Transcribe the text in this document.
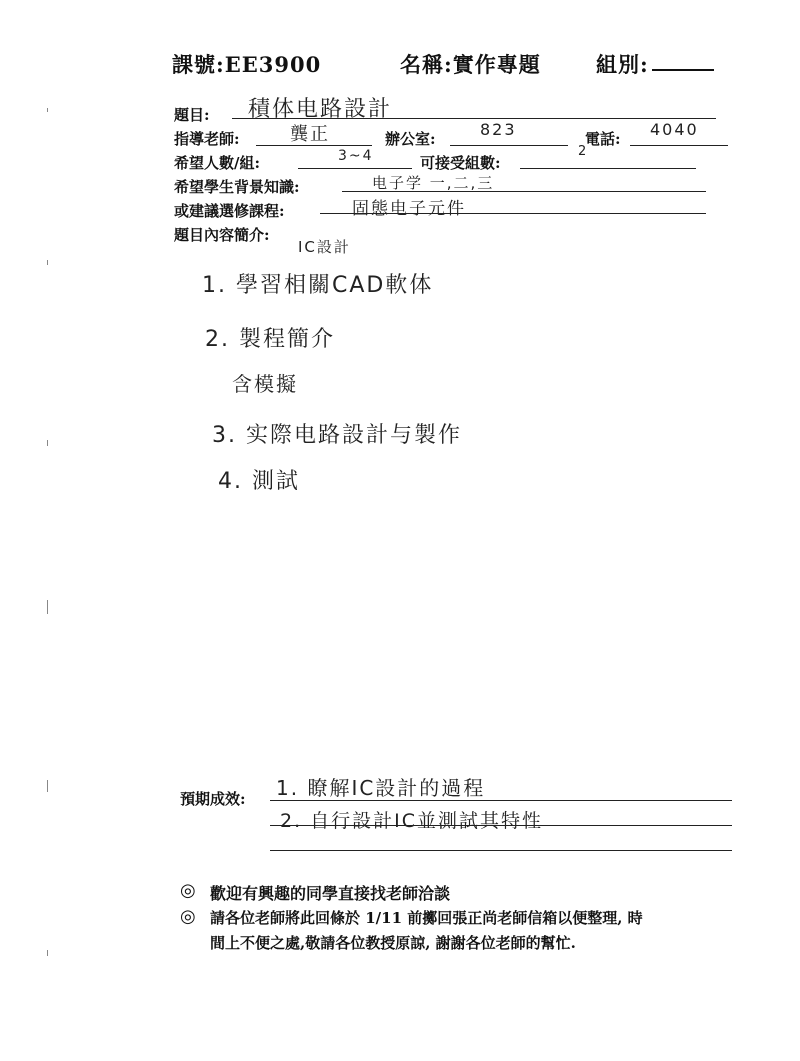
課號:EE3900	名稱:實作專題	組別:
題目: 積体电路設計
指導老師:	龔正	辦公室:	823	電話: 4040
希望人數/組:	3~4	可接受組數:
2
希望學生背景知識:	电子学 一,二,三
或建議選修課程:	固態电子元件
題目內容簡介:
IC設計
1. 學習相關CAD軟体
2. 製程簡介
含模擬
3. 实際电路設計与製作
4. 測試
預期成效: 1. 瞭解IC設計的過程
2. 自行設計IC並測試其特性
◎ 歡迎有興趣的同學直接找老師洽談
◎ 請各位老師將此回條於 1/11 前擲回張正尚老師信箱以便整理, 時
間上不便之處,敬請各位教授原諒, 謝謝各位老師的幫忙.
